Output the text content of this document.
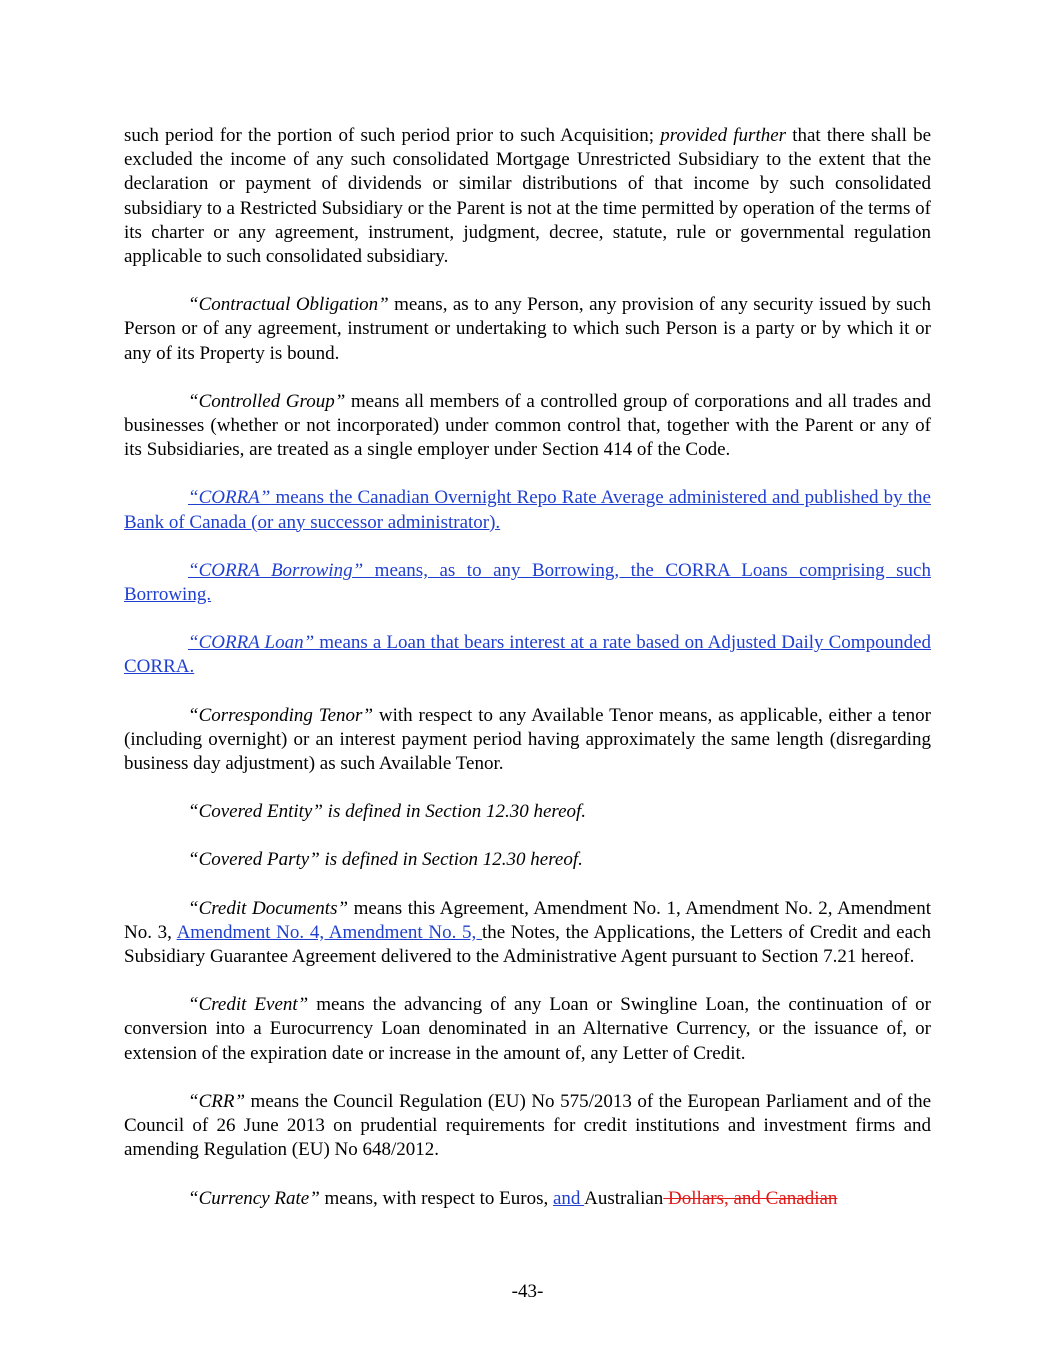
such period for the portion of such period prior to such Acquisition; provided further that there shall be excluded the income of any such consolidated Mortgage Unrestricted Subsidiary to the extent that the declaration or payment of dividends or similar distributions of that income by such consolidated subsidiary to a Restricted Subsidiary or the Parent is not at the time permitted by operation of the terms of its charter or any agreement, instrument, judgment, decree, statute, rule or governmental regulation applicable to such consolidated subsidiary.

“Contractual Obligation” means, as to any Person, any provision of any security issued by such Person or of any agreement, instrument or undertaking to which such Person is a party or by which it or any of its Property is bound.

“Controlled Group” means all members of a controlled group of corporations and all trades and businesses (whether or not incorporated) under common control that, together with the Parent or any of its Subsidiaries, are treated as a single employer under Section 414 of the Code.

“CORRA” means the Canadian Overnight Repo Rate Average administered and published by the Bank of Canada (or any successor administrator).

“CORRA Borrowing” means, as to any Borrowing, the CORRA Loans comprising such Borrowing.

“CORRA Loan” means a Loan that bears interest at a rate based on Adjusted Daily Compounded CORRA.

“Corresponding Tenor” with respect to any Available Tenor means, as applicable, either a tenor (including overnight) or an interest payment period having approximately the same length (disregarding business day adjustment) as such Available Tenor.

“Covered Entity” is defined in Section 12.30 hereof.

“Covered Party” is defined in Section 12.30 hereof.

“Credit Documents” means this Agreement, Amendment No. 1, Amendment No. 2, Amendment No. 3, Amendment No. 4, Amendment No. 5, the Notes, the Applications, the Letters of Credit and each Subsidiary Guarantee Agreement delivered to the Administrative Agent pursuant to Section 7.21 hereof.

“Credit Event” means the advancing of any Loan or Swingline Loan, the continuation of or conversion into a Eurocurrency Loan denominated in an Alternative Currency, or the issuance of, or extension of the expiration date or increase in the amount of, any Letter of Credit.

“CRR” means the Council Regulation (EU) No 575/2013 of the European Parliament and of the Council of 26 June 2013 on prudential requirements for credit institutions and investment firms and amending Regulation (EU) No 648/2012.

“Currency Rate” means, with respect to Euros, and Australian Dollars, and Canadian

-43-
